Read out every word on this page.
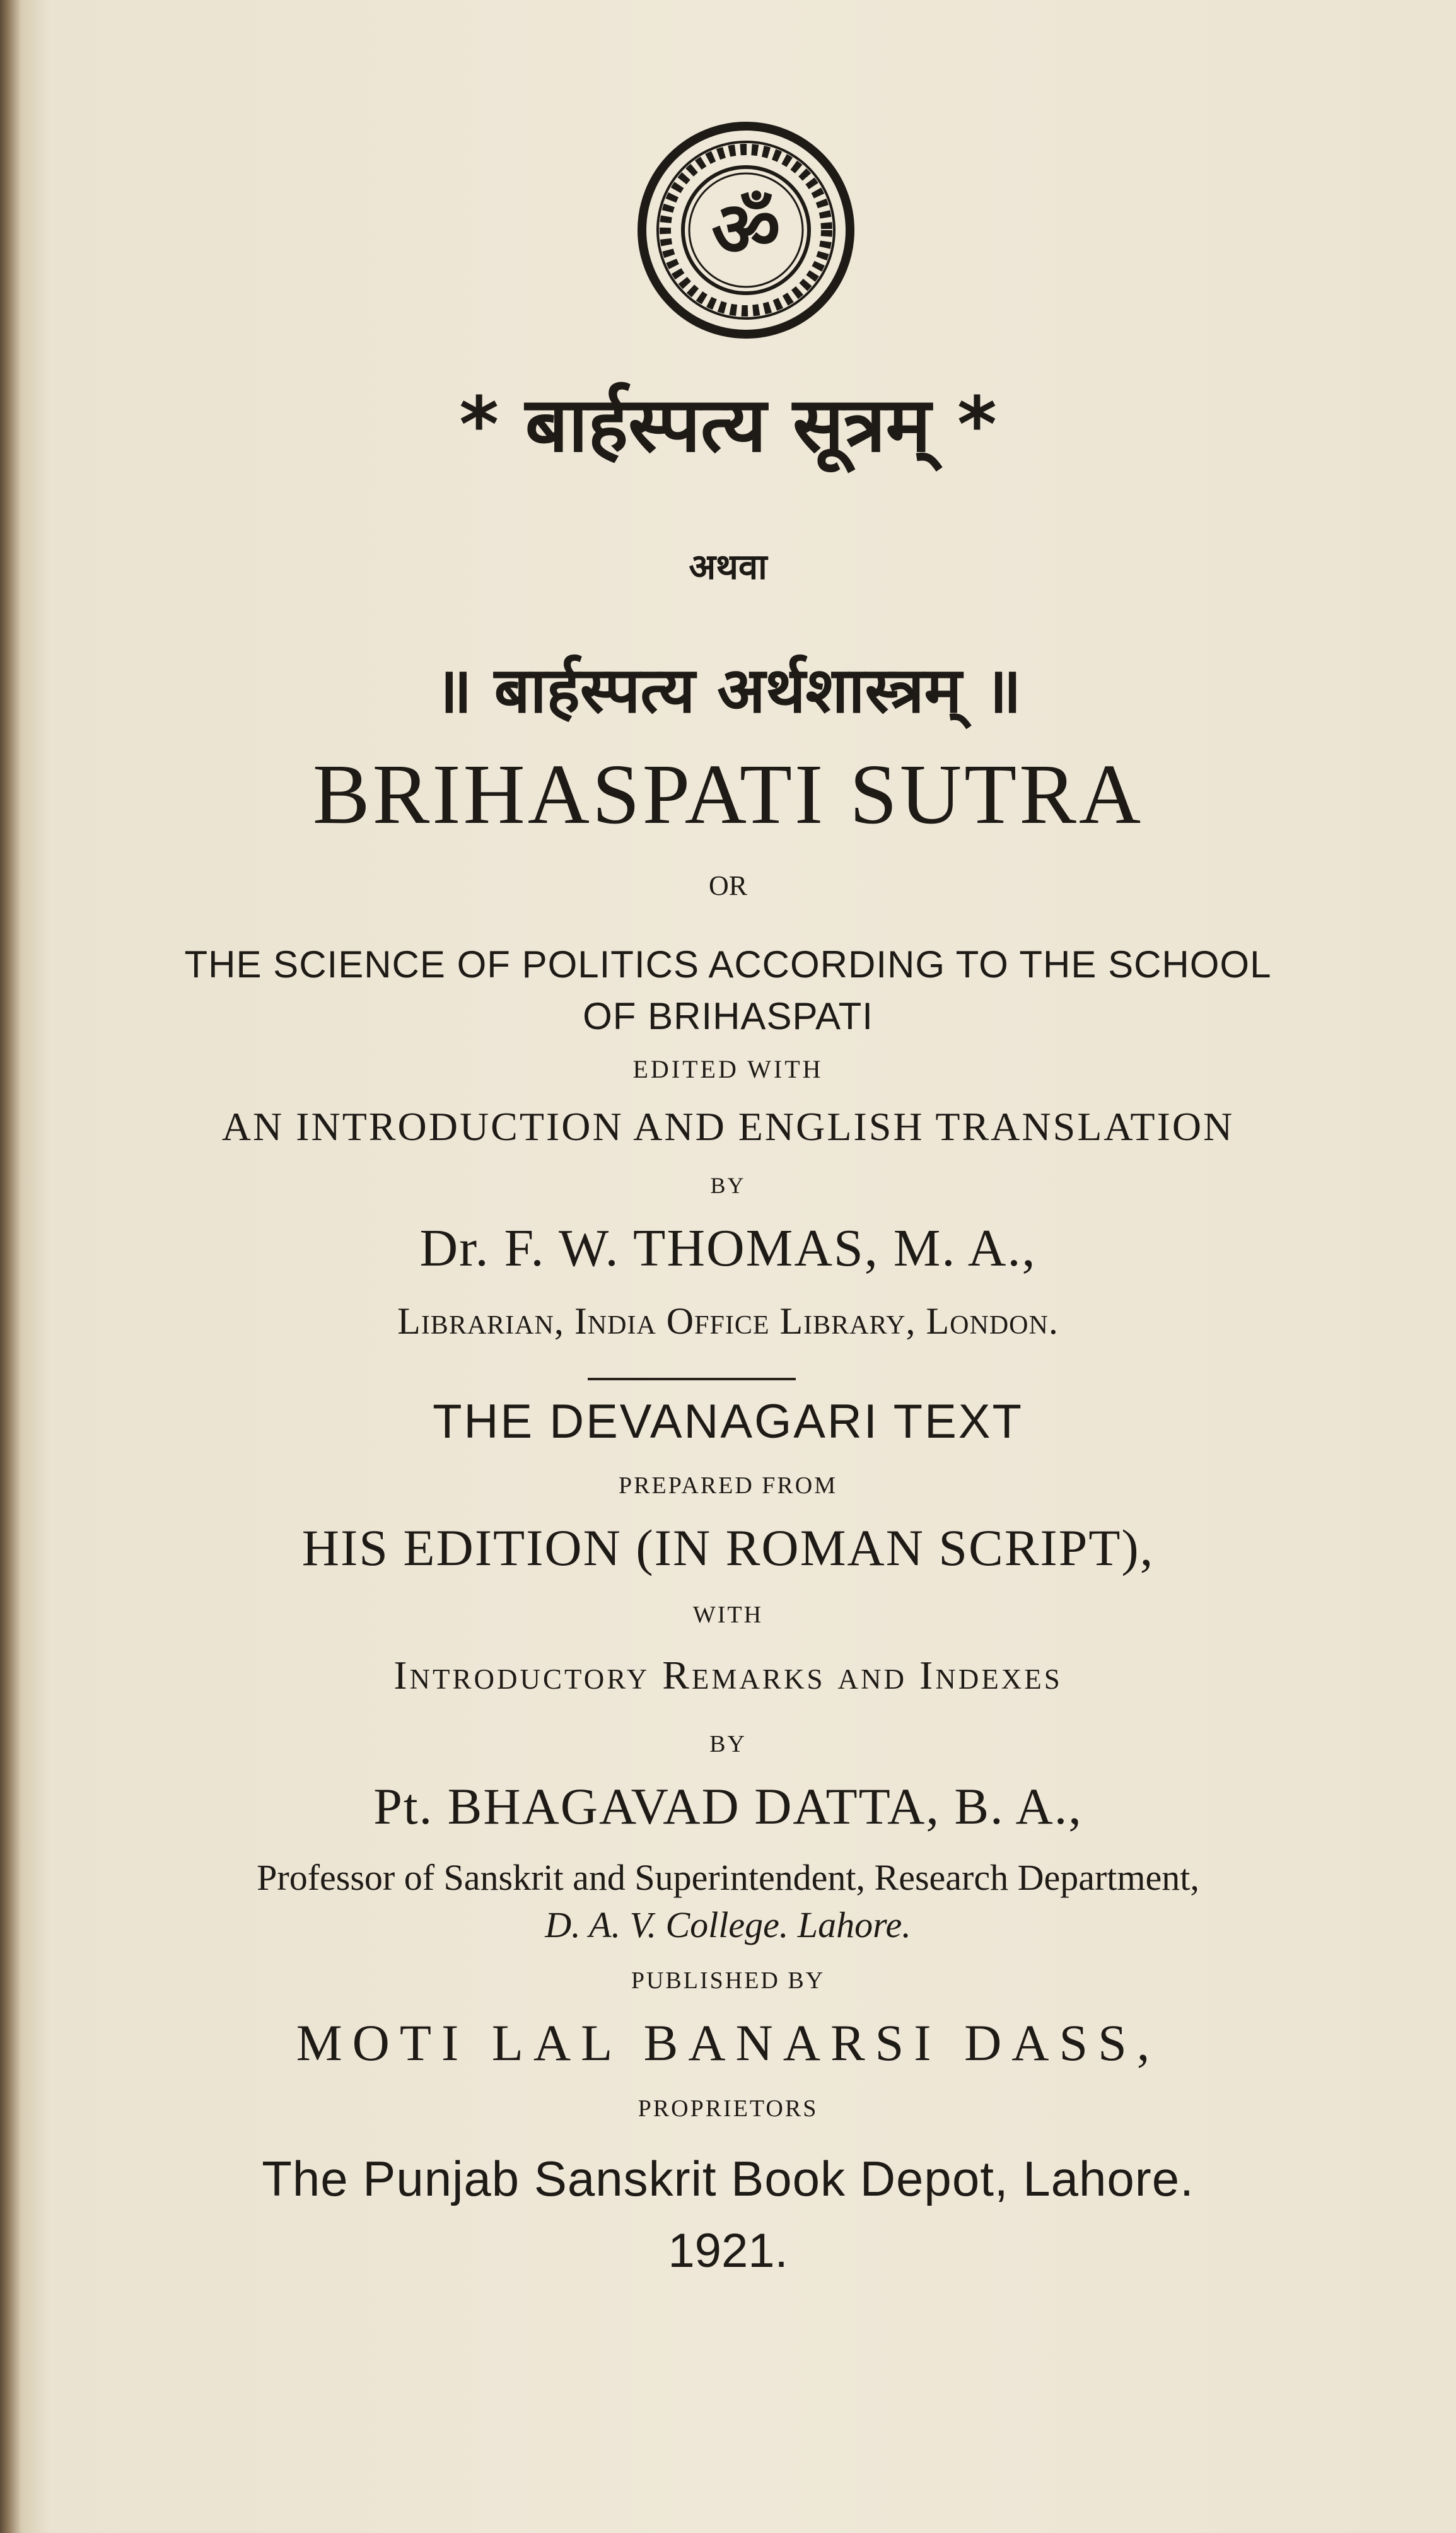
ॐ
* बार्हस्पत्य सूत्रम् *
अथवा
॥ बार्हस्पत्य अर्थशास्त्रम् ॥
BRIHASPATI SUTRA
OR
THE SCIENCE OF POLITICS ACCORDING TO THE SCHOOL
OF BRIHASPATI
EDITED WITH
AN INTRODUCTION AND ENGLISH TRANSLATION
BY
Dr. F. W. THOMAS, M. A.,
Librarian, India Office Library, London.
THE DEVANAGARI TEXT
PREPARED FROM
HIS EDITION (IN ROMAN SCRIPT),
WITH
Introductory Remarks and Indexes
BY
Pt. BHAGAVAD DATTA, B. A.,
Professor of Sanskrit and Superintendent, Research Department,
D. A. V. College. Lahore.
PUBLISHED BY
MOTI LAL BANARSI DASS,
PROPRIETORS
The Punjab Sanskrit Book Depot, Lahore.
1921.
